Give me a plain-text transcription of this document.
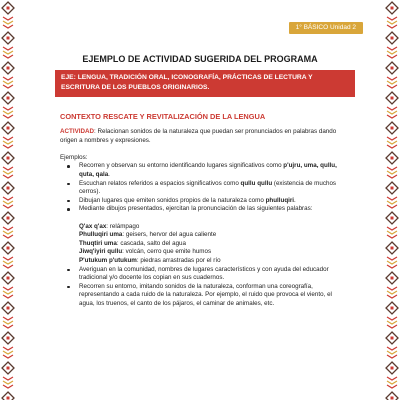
1° BÁSICO Unidad 2
EJEMPLO DE ACTIVIDAD SUGERIDA DEL PROGRAMA
EJE: LENGUA, TRADICIÓN ORAL, ICONOGRAFÍA, PRÁCTICAS DE LECTURA Y ESCRITURA DE LOS PUEBLOS ORIGINARIOS.
CONTEXTO RESCATE Y REVITALIZACIÓN DE LA LENGUA

ACTIVIDAD: Relacionan sonidos de la naturaleza que puedan ser pronunciados en palabras dando origen a nombres y expresiones.

Ejemplos:

Recorren y observan su entorno identificando lugares significativos como p'ujru, uma, qullu, quta, qala.
Escuchan relatos referidos a espacios significativos como qullu qullu (existencia de muchos cerros).
Dibujan lugares que emiten sonidos propios de la naturaleza como phulluqiri.
Mediante dibujos presentados, ejercitan la pronunciación de las siguientes palabras:
Q'ax q'ax: relámpago
Phulluqiri uma: geisers, hervor del agua caliente
Thuqtiri uma: cascada, salto del agua
Jiwq'iyiri qullu: volcán, cerro que emite humos
P'utukum p'utukum: piedras arrastradas por el río
Averiguan en la comunidad, nombres de lugares característicos y con ayuda del educador tradicional y/o docente los copian en sus cuadernos.
Recorren su entorno, imitando sonidos de la naturaleza, conforman una coreografía, representando a cada ruido de la naturaleza. Por ejemplo, el ruido que provoca el viento, el agua, los truenos, el canto de los pájaros, el caminar de animales, etc.
